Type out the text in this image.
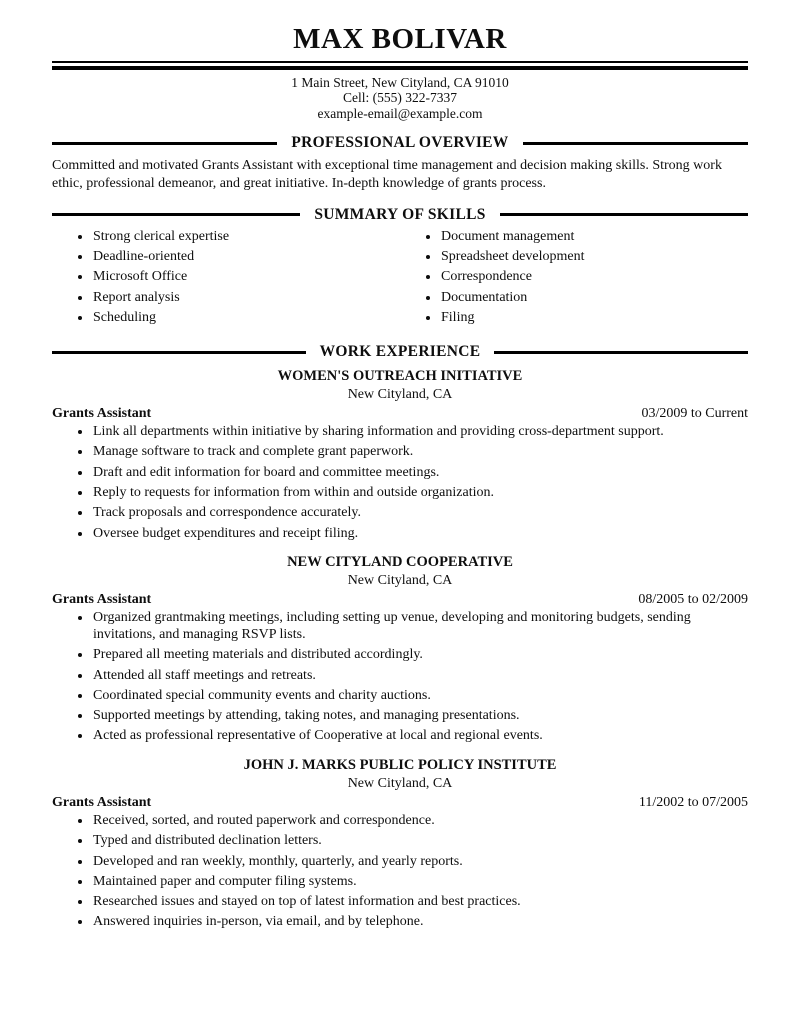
MAX BOLIVAR
1 Main Street, New Cityland, CA 91010
Cell: (555) 322-7337
example-email@example.com
PROFESSIONAL OVERVIEW

Committed and motivated Grants Assistant with exceptional time management and decision making skills. Strong work ethic, professional demeanor, and great initiative. In-depth knowledge of grants process.

SUMMARY OF SKILLS
• Strong clerical expertise
• Deadline-oriented
• Microsoft Office
• Report analysis
• Scheduling
• Document management
• Spreadsheet development
• Correspondence
• Documentation
• Filing
WORK EXPERIENCE
WOMEN'S OUTREACH INITIATIVE
New Cityland, CA
Grants Assistant	03/2009 to Current
• Link all departments within initiative by sharing information and providing cross-department support.
• Manage software to track and complete grant paperwork.
• Draft and edit information for board and committee meetings.
• Reply to requests for information from within and outside organization.
• Track proposals and correspondence accurately.
• Oversee budget expenditures and receipt filing.
NEW CITYLAND COOPERATIVE
New Cityland, CA
Grants Assistant	08/2005 to 02/2009
• Organized grantmaking meetings, including setting up venue, developing and monitoring budgets, sending invitations, and managing RSVP lists.
• Prepared all meeting materials and distributed accordingly.
• Attended all staff meetings and retreats.
• Coordinated special community events and charity auctions.
• Supported meetings by attending, taking notes, and managing presentations.
• Acted as professional representative of Cooperative at local and regional events.
JOHN J. MARKS PUBLIC POLICY INSTITUTE
New Cityland, CA
Grants Assistant	11/2002 to 07/2005
• Received, sorted, and routed paperwork and correspondence.
• Typed and distributed declination letters.
• Developed and ran weekly, monthly, quarterly, and yearly reports.
• Maintained paper and computer filing systems.
• Researched issues and stayed on top of latest information and best practices.
• Answered inquiries in-person, via email, and by telephone.
